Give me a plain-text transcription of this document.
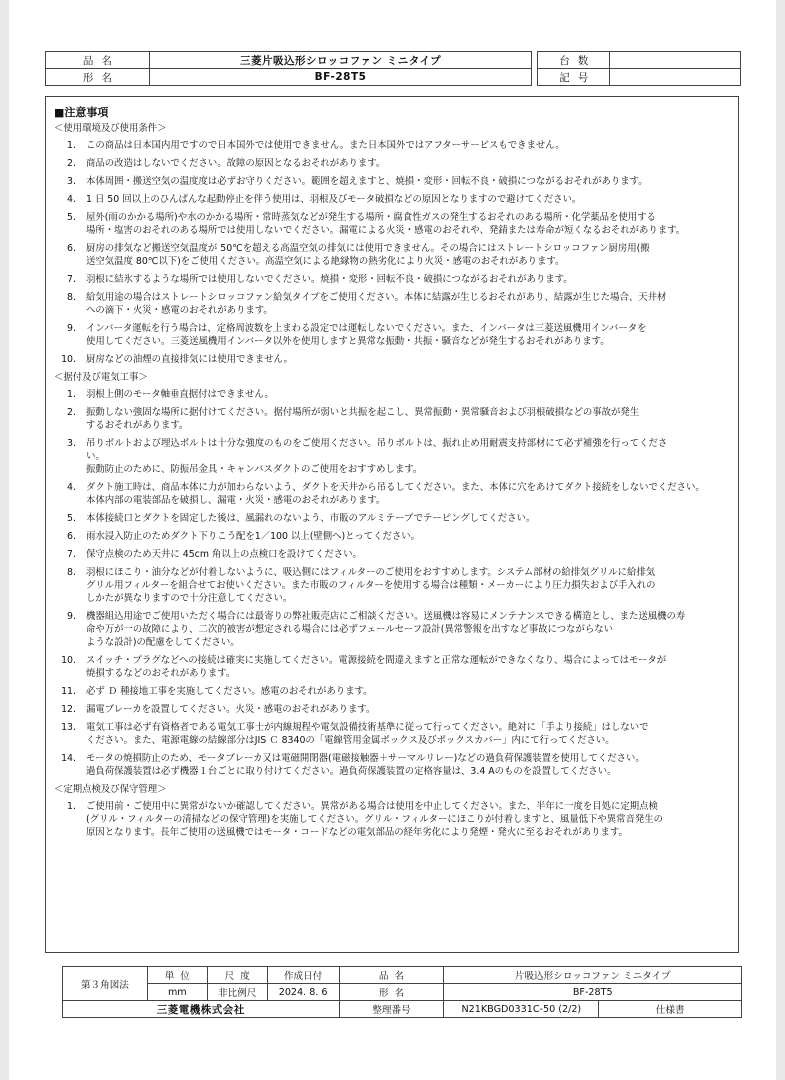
品名	三菱片吸込形シロッコファン ミニタイプ		台数	
形名	BF-28T5		記号	
■注意事項
＜使用環境及び使用条件＞
1.	この商品は日本国内用ですので日本国外では使用できません。また日本国外ではアフターサービスもできません。
2.	商品の改造はしないでください。故障の原因となるおそれがあります。
3.	本体周囲・搬送空気の温度度は必ずお守りください。範囲を超えますと、焼損・変形・回転不良・破損につながるおそれがあります。
4.	1 日 50 回以上のひんぱんな起動停止を伴う使用は、羽根及びモータ破損などの原因となりますので避けてください。
5.	屋外(雨のかかる場所)や水のかかる場所・常時蒸気などが発生する場所・腐食性ガスの発生するおそれのある場所・化学薬品を使用する
場所・塩害のおそれのある場所では使用しないでください。漏電による火災・感電のおそれや、発錆または寿命が短くなるおそれがあります。
6.	厨房の排気など搬送空気温度が 50℃を超える高温空気の排気には使用できません。その場合にはストレートシロッコファン厨房用(搬
送空気温度 80℃以下)をご使用ください。高温空気による絶縁物の熱劣化により火災・感電のおそれがあります。
7.	羽根に結氷するような場所では使用しないでください。焼損・変形・回転不良・破損につながるおそれがあります。
8.	給気用途の場合はストレートシロッコファン給気タイプをご使用ください。本体に結露が生じるおそれがあり、結露が生じた場合、天井材
への滴下・火災・感電のおそれがあります。
9.	インバータ運転を行う場合は、定格周波数を上まわる設定では運転しないでください。また、インバータは三菱送風機用インバータを
使用してください。三菱送風機用インバータ以外を使用しますと異常な振動・共振・騒音などが発生するおそれがあります。
10.	厨房などの油煙の直接排気には使用できません。
＜据付及び電気工事＞
1.	羽根上側のモータ軸垂直据付はできません。
2.	振動しない強固な場所に据付けてください。据付場所が弱いと共振を起こし、異常振動・異常騒音および羽根破損などの事故が発生
するおそれがあります。
3.	吊りボルトおよび埋込ボルトは十分な強度のものをご使用ください。吊りボルトは、振れ止め用耐震支持部材にて必ず補強を行ってくださ
い。
振動防止のために、防振吊金具・キャンバスダクトのご使用をおすすめします。
4.	ダクト施工時は、商品本体に力が加わらないよう、ダクトを天井から吊るしてください。また、本体に穴をあけてダクト接続をしないでください。
本体内部の電装部品を破損し、漏電・火災・感電のおそれがあります。
5.	本体接続口とダクトを固定した後は、風漏れのないよう、市販のアルミテープでテーピングしてください。
6.	雨水浸入防止のためダクト下りこう配を1／100 以上(壁側へ)とってください。
7.	保守点検のため天井に 45cm 角以上の点検口を設けてください。
8.	羽根にほこり・油分などが付着しないように、吸込側にはフィルターのご使用をおすすめします。システム部材の給排気グリルに給排気
グリル用フィルターを組合せてお使いください。また市販のフィルターを使用する場合は種類・メーカーにより圧力損失および手入れの
しかたが異なりますので十分注意してください。
9.	機器組込用途でご使用いただく場合には最寄りの弊社販売店にご相談ください。送風機は容易にメンテナンスできる構造とし、また送風機の寿
命や万が一の故障により、二次的被害が想定される場合には必ずフェールセーフ設計(異常警報を出すなど事故につながらない
ような設計)の配慮をしてください。
10.	スイッチ・プラグなどへの接続は確実に実施してください。電源接続を間違えますと正常な運転ができなくなり、場合によってはモータが
焼損するなどのおそれがあります。
11.	必ず Ｄ 種接地工事を実施してください。感電のおそれがあります。
12.	漏電ブレーカを設置してください。火災・感電のおそれがあります。
13.	電気工事は必ず有資格者である電気工事士が内線規程や電気設備技術基準に従って行ってください。絶対に「手より接続」はしないで
ください。また、電源電線の結線部分はJIS Ｃ 8340の「電線管用金属ボックス及びボックスカバー」内にて行ってください。
14.	モータの焼損防止のため、モータブレーカ又は電磁開閉器(電磁接触器＋サーマルリレー)などの過負荷保護装置を使用してください。
過負荷保護装置は必ず機器１台ごとに取り付けてください。過負荷保護装置の定格容量は、3.4 Aのものを設置してください。
＜定期点検及び保守管理＞
1.	ご使用前・ご使用中に異常がないか確認してください。異常がある場合は使用を中止してください。また、半年に一度を目処に定期点検
(グリル・フィルターの清掃などの保守管理)を実施してください。グリル・フィルターにほこりが付着しますと、風量低下や異常音発生の
原因となります。長年ご使用の送風機ではモータ・コードなどの電気部品の経年劣化により発煙・発火に至るおそれがあります。
第３角図法	単位	尺度	作成日付	品名	片吸込形シロッコファン ミニタイプ	
	mm	非比例尺	2024. 8. 6	形名	BF-28T5	
三菱電機株式会社				整理番号	N21KBGD0331C-50 (2/2)	仕様書
